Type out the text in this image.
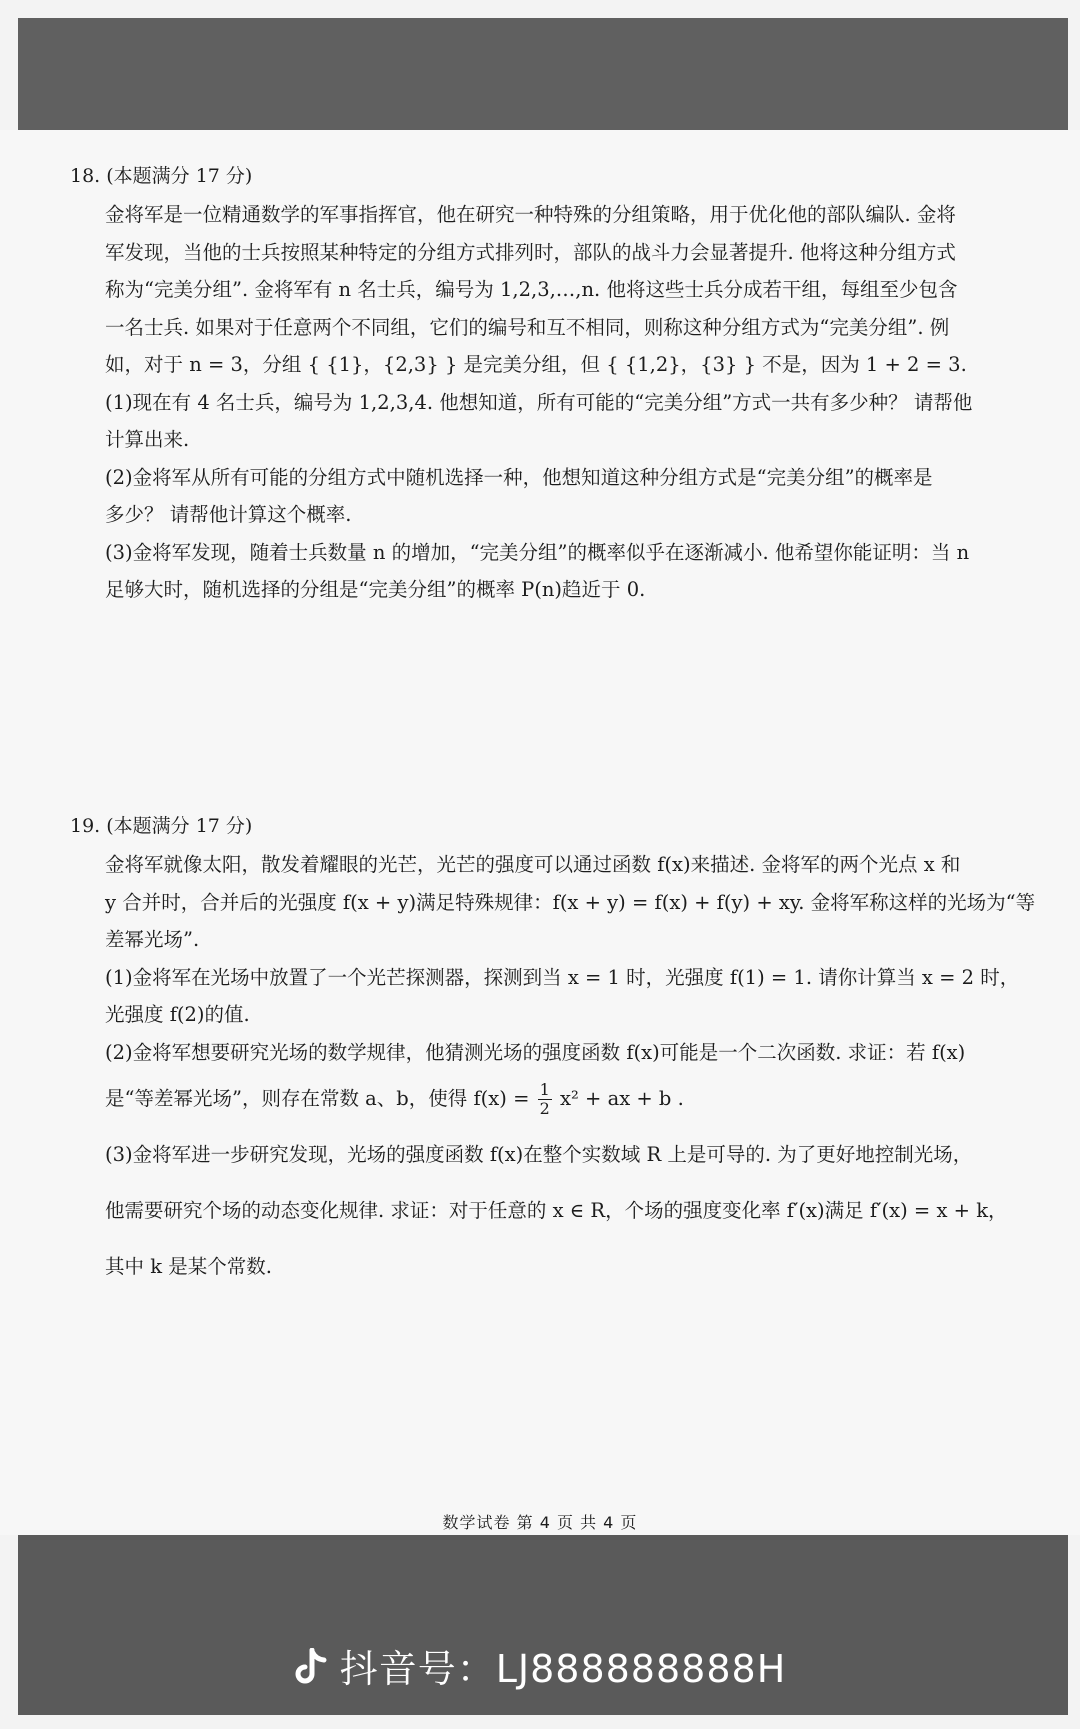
18. (本题满分 17 分)
金将军是一位精通数学的军事指挥官，他在研究一种特殊的分组策略，用于优化他的部队编队. 金将
军发现，当他的士兵按照某种特定的分组方式排列时，部队的战斗力会显著提升. 他将这种分组方式
称为“完美分组”. 金将军有 n 名士兵，编号为 1,2,3,…,n. 他将这些士兵分成若干组，每组至少包含
一名士兵. 如果对于任意两个不同组，它们的编号和互不相同，则称这种分组方式为“完美分组”. 例
如，对于 n = 3，分组 { {1}，{2,3} } 是完美分组，但 { {1,2}，{3} } 不是，因为 1 + 2 = 3.
(1)现在有 4 名士兵，编号为 1,2,3,4. 他想知道，所有可能的“完美分组”方式一共有多少种？ 请帮他
计算出来.
(2)金将军从所有可能的分组方式中随机选择一种，他想知道这种分组方式是“完美分组”的概率是
多少？ 请帮他计算这个概率.
(3)金将军发现，随着士兵数量 n 的增加，“完美分组”的概率似乎在逐渐减小. 他希望你能证明：当 n
足够大时，随机选择的分组是“完美分组”的概率 P(n)趋近于 0.
19. (本题满分 17 分)
金将军就像太阳，散发着耀眼的光芒，光芒的强度可以通过函数 f(x)来描述. 金将军的两个光点 x 和
y 合并时，合并后的光强度 f(x + y)满足特殊规律：f(x + y) = f(x) + f(y) + xy. 金将军称这样的光场为“等
差幂光场”.
(1)金将军在光场中放置了一个光芒探测器，探测到当 x = 1 时，光强度 f(1) = 1. 请你计算当 x = 2 时，
光强度 f(2)的值.
(2)金将军想要研究光场的数学规律，他猜测光场的强度函数 f(x)可能是一个二次函数. 求证：若 f(x)
是“等差幂光场”，则存在常数 a、b，使得 $f(x) = \frac{1}{2} x^2$ + ax + b .
(3)金将军进一步研究发现，光场的强度函数 f(x)在整个实数域 R 上是可导的. 为了更好地控制光场，
他需要研究个场的动态变化规律. 求证：对于任意的 x ∈ R，个场的强度变化率 f′(x)满足 f′(x) = x + k，
其中 k 是某个常数.
数学试卷 第 4 页 共 4 页
抖音号：LJ888888888H
